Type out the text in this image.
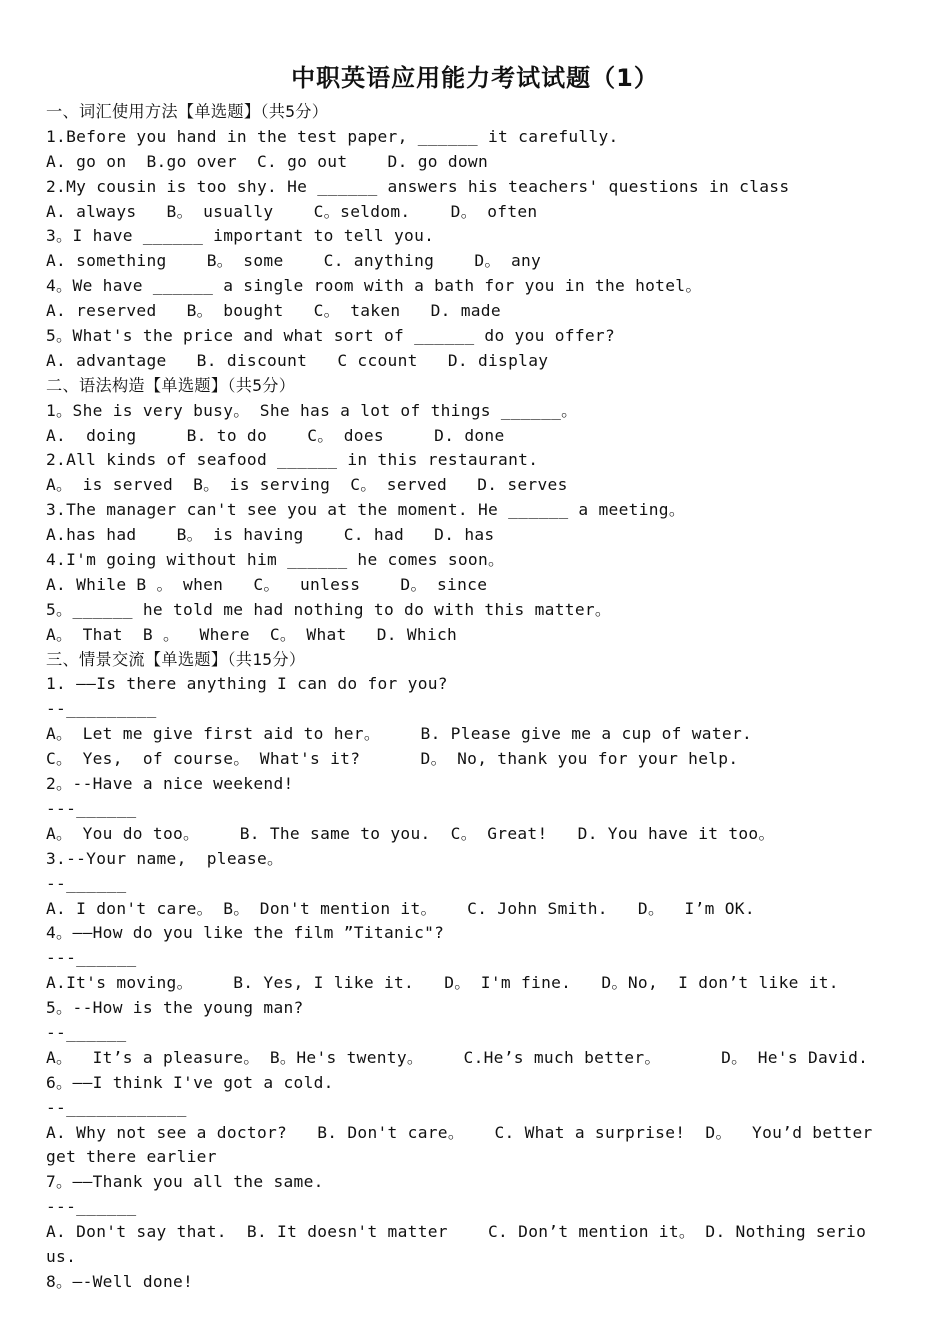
中职英语应用能力考试试题（1）
一、词汇使用方法【单选题】（共5分）
1.Before you hand in the test paper, ______ it carefully.
A. go on  B.go over  C. go out    D. go down
2.My cousin is too shy. He ______ answers his teachers' questions in class
A. always   B。 usually    C。seldom.    D。 often
3。I have ______ important to tell you.
A. something    B。 some    C. anything    D。 any
4。We have ______ a single room with a bath for you in the hotel。
A. reserved   B。 bought   C。 taken   D. made
5。What's the price and what sort of ______ do you offer?
A. advantage   B. discount   C ccount   D. display
二、语法构造【单选题】（共5分）
1。She is very busy。 She has a lot of things ______。
A.  doing     B. to do    C。 does     D. done
2.All kinds of seafood ______ in this restaurant.
A。 is served  B。 is serving  C。 served   D. serves
3.The manager can't see you at the moment. He ______ a meeting。
A.has had    B。 is having    C. had   D. has
4.I'm going without him ______ he comes soon。
A. While B 。 when   C。  unless    D。 since
5。______ he told me had nothing to do with this matter。
A。 That  B 。  Where  C。 What   D. Which
三、情景交流【单选题】（共15分）
1. ——Is there anything I can do for you?
--_________
A。 Let me give first aid to her。    B. Please give me a cup of water.
C。 Yes,  of course。 What's it?      D。 No, thank you for your help.
2。--Have a nice weekend!
---______
A。 You do too。    B. The same to you.  C。 Great!   D. You have it too。
3.--Your name,  please。
--______
A. I don't care。 B。 Don't mention it。   C. John Smith.   D。  I’m OK.
4。——How do you like the film ”Titanic"?
---______
A.It's moving。    B. Yes, I like it.   D。 I'm fine.   D。No,  I don’t like it.
5。--How is the young man?
--______
A。  It’s a pleasure。 B。He's twenty。    C.He’s much better。      D。 He's David.
6。——I think I've got a cold.
--____________
A. Why not see a doctor?   B. Don't care。   C. What a surprise!  D。  You’d better
get there earlier
7。——Thank you all the same.
---______
A. Don't say that.  B. It doesn't matter    C. Don’t mention it。 D. Nothing serio
us.
8。—-Well done!
